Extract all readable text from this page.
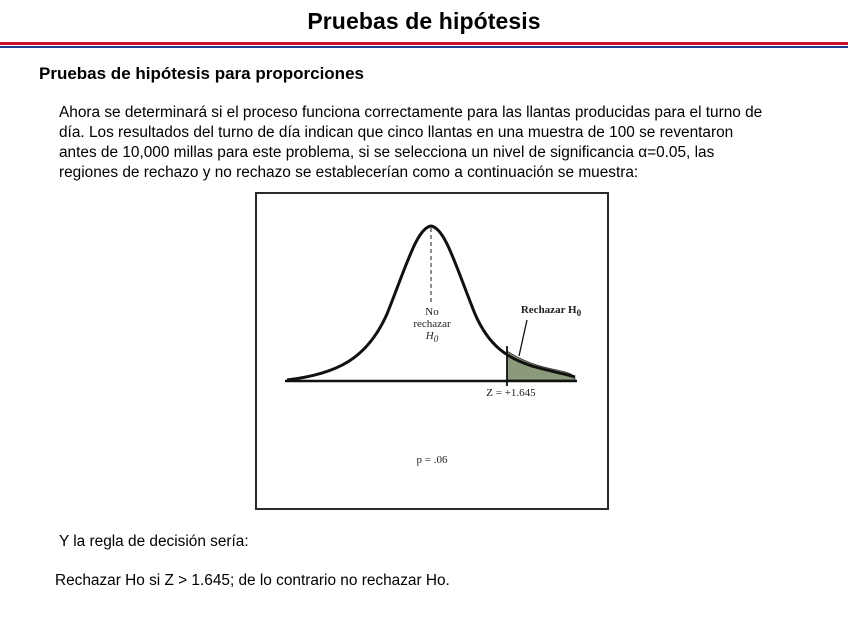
Pruebas de hipótesis
Pruebas de hipótesis para proporciones
Ahora se determinará si el proceso funciona correctamente para las llantas producidas para el turno de
día. Los resultados del turno de día indican que cinco llantas en una muestra de 100 se reventaron
antes de 10,000 millas para este problema, si se selecciona un nivel de significancia α=0.05, las
regiones de rechazo y no rechazo se establecerían como a continuación se muestra:
No
rechazar
$H_0$
Rechazar $H_0$
Z = +1.645
p = .06
Y la regla de decisión sería:
Rechazar Ho si Z > 1.645; de lo contrario no rechazar Ho.
